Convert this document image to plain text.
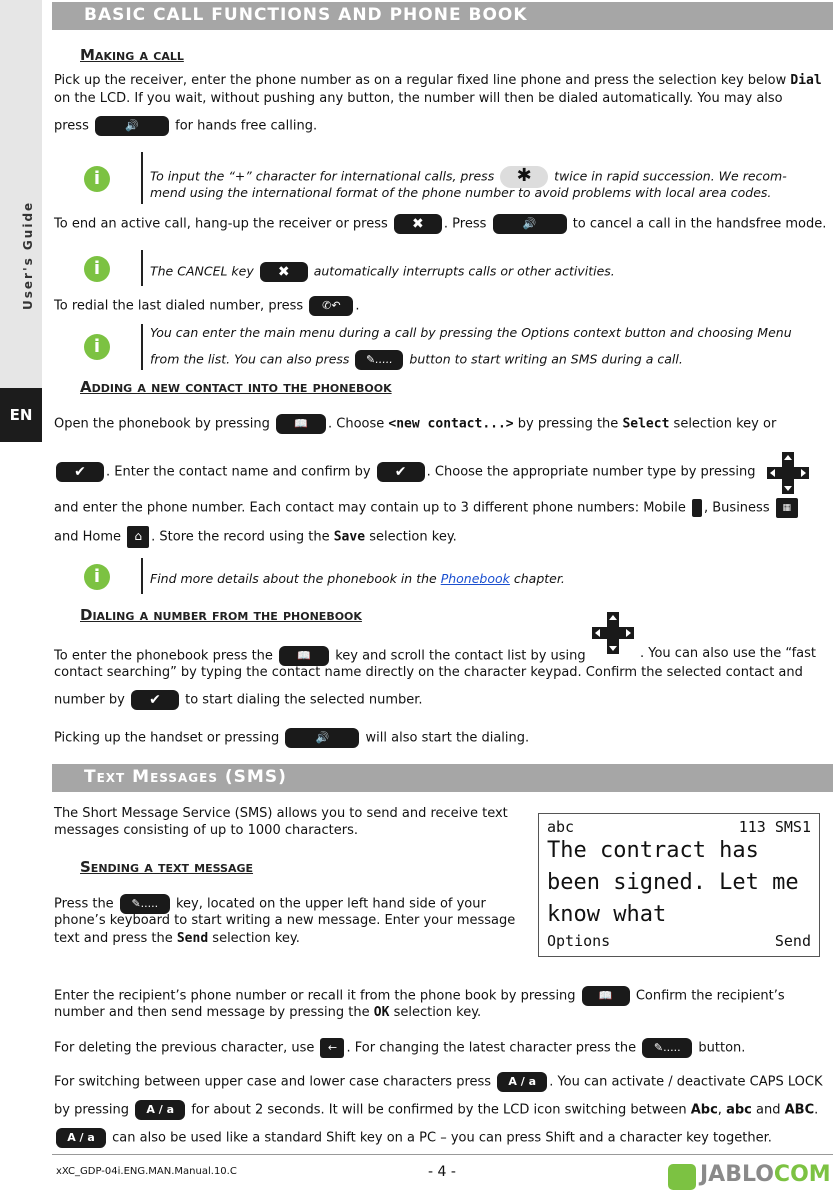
User's Guide
EN
BASIC CALL FUNCTIONS AND PHONE BOOK
Making a call
Pick up the receiver, enter the phone number as on a regular fixed line phone and press the selection key below Dial
on the LCD. If you wait, without pushing any button, the number will then be dialed automatically. You may also
press	🔊	for hands free calling.
i	To input the “+” character for international calls, press ✱ twice in rapid succession. We recom-
mend using the international format of the phone number to avoid problems with local area codes.
To end an active call, hang-up the receiver or press ✖ . Press	🔊	to cancel a call in the handsfree mode.
i	The CANCEL key ✖ automatically interrupts calls or other activities.
To redial the last dialed number, press ✆↶ .
i
You can enter the main menu during a call by pressing the Options context button and choosing Menu
from the list. You can also press ✎..... button to start writing an SMS during a call.
Adding a new contact into the phonebook
Open the phonebook by pressing 📖 . Choose <new contact...> by pressing the Select selection key or
✔ . Enter the contact name and confirm by ✔ . Choose the appropriate number type by pressing
and enter the phone number. Each contact may contain up to 3 different phone numbers: Mobile , Business ▦
and Home ⌂ . Store the record using the Save selection key.
i	Find more details about the phonebook in the Phonebook chapter.
Dialing a number from the phonebook
To enter the phonebook press the 📖 key and scroll the contact list by using	. You can also use the “fast
contact searching” by typing the contact name directly on the character keypad. Confirm the selected contact and
number by ✔ to start dialing the selected number.
Picking up the handset or pressing	🔊	will also start the dialing.
Text Messages (SMS)
The Short Message Service (SMS) allows you to send and receive text
messages consisting of up to 1000 characters.
Sending a text message
Press the ✎..... key, located on the upper left hand side of your
phone’s keyboard to start writing a new message. Enter your message
text and press the Send selection key.
abc	113 SMS1
The contract has
been signed. Let me
know what
Options	Send
Enter the recipient’s phone number or recall it from the phone book by pressing 📖 Confirm the recipient’s
number and then send message by pressing the OK selection key.
For deleting the previous character, use ← . For changing the latest character press the ✎..... button.
For switching between upper case and lower case characters press A / a . You can activate / deactivate CAPS LOCK
by pressing A / a for about 2 seconds. It will be confirmed by the LCD icon switching between Abc, abc and ABC.
A / a can also be used like a standard Shift key on a PC – you can press Shift and a character key together.
xXC_GDP-04i.ENG.MAN.Manual.10.C	- 4 -	JABLOCOM
